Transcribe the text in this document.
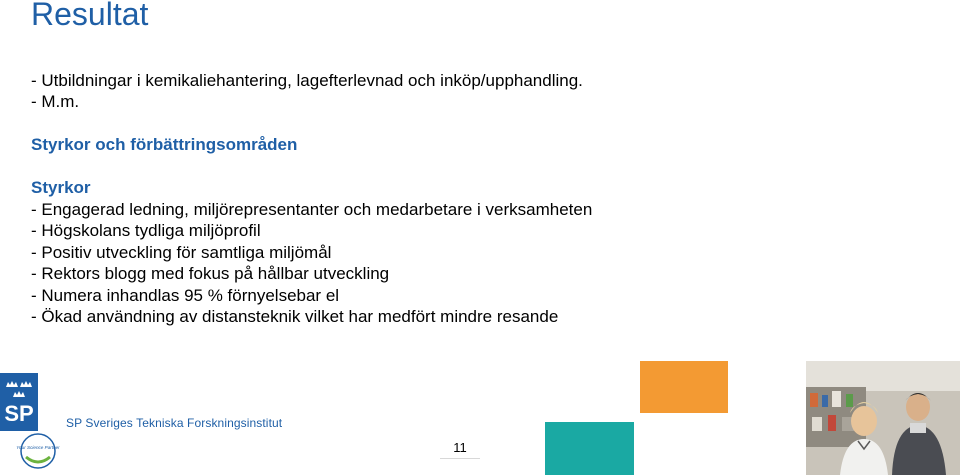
Resultat
- Utbildningar i kemikaliehantering, lagefterlevnad och inköp/upphandling.
- M.m.
Styrkor och förbättringsområden
Styrkor
- Engagerad ledning, miljörepresentanter och medarbetare i verksamheten
- Högskolans tydliga miljöprofil
- Positiv utveckling för samtliga miljömål
- Rektors blogg med fokus på hållbar utveckling
- Numera inhandlas 95 % förnyelsebar el
- Ökad användning av distansteknik vilket har medfört mindre resande
SP
Your Science Partner
SP Sveriges Tekniska Forskningsinstitut
11
